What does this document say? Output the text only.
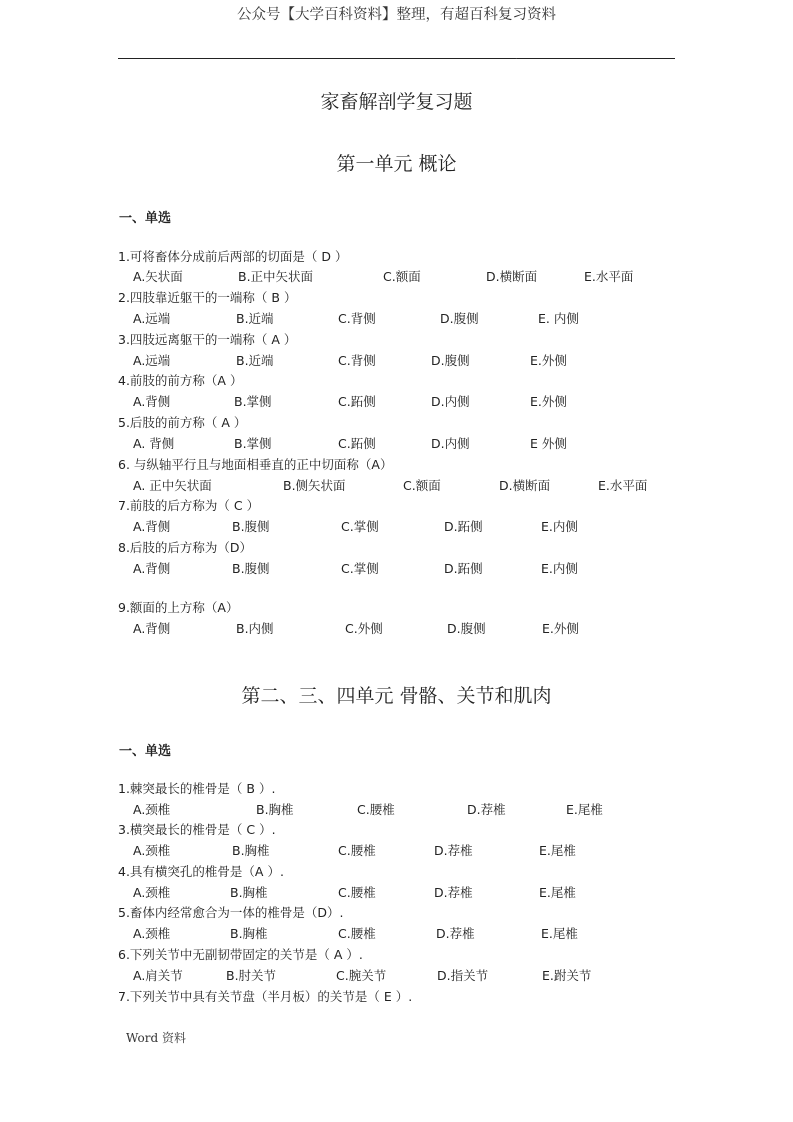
公众号【大学百科资料】整理，有超百科复习资料
.
家畜解剖学复习题
第一单元 概论
一、单选
1.可将畜体分成前后两部的切面是（ D ）
A.矢状面	B.正中矢状面	C.额面	D.横断面	E.水平面
2.四肢靠近躯干的一端称（ B ）
A.远端	B.近端	C.背侧	D.腹侧	E. 内侧
3.四肢远离躯干的一端称（ A ）
A.远端	B.近端	C.背侧	D.腹侧	E.外侧
4.前肢的前方称（A ）
A.背侧	B.掌侧	C.跖侧	D.内侧	E.外侧
5.后肢的前方称（ A ）
A. 背侧	B.掌侧	C.跖侧	D.内侧	E 外侧
6. 与纵轴平行且与地面相垂直的正中切面称（A）
A. 正中矢状面	B.侧矢状面	C.额面	D.横断面	E.水平面
7.前肢的后方称为（ C ）
A.背侧	B.腹侧	C.掌侧	D.跖侧	E.内侧
8.后肢的后方称为（D）
A.背侧	B.腹侧	C.掌侧	D.跖侧	E.内侧
9.额面的上方称（A）
A.背侧	B.内侧	C.外侧	D.腹侧	E.外侧
第二、三、四单元 骨骼、关节和肌肉
一、单选
1.棘突最长的椎骨是（ B ）.
A.颈椎	B.胸椎	C.腰椎	D.荐椎	E.尾椎
3.横突最长的椎骨是（ C ）.
A.颈椎	B.胸椎	C.腰椎	D.荐椎	E.尾椎
4.具有横突孔的椎骨是（A ）.
A.颈椎	B.胸椎	C.腰椎	D.荐椎	E.尾椎
5.畜体内经常愈合为一体的椎骨是（D）.
A.颈椎	B.胸椎	C.腰椎	D.荐椎	E.尾椎
6.下列关节中无副韧带固定的关节是（ A ）.
A.肩关节	B.肘关节	C.腕关节	D.指关节	E.跗关节
7.下列关节中具有关节盘（半月板）的关节是（ E ）.
Word 资料
